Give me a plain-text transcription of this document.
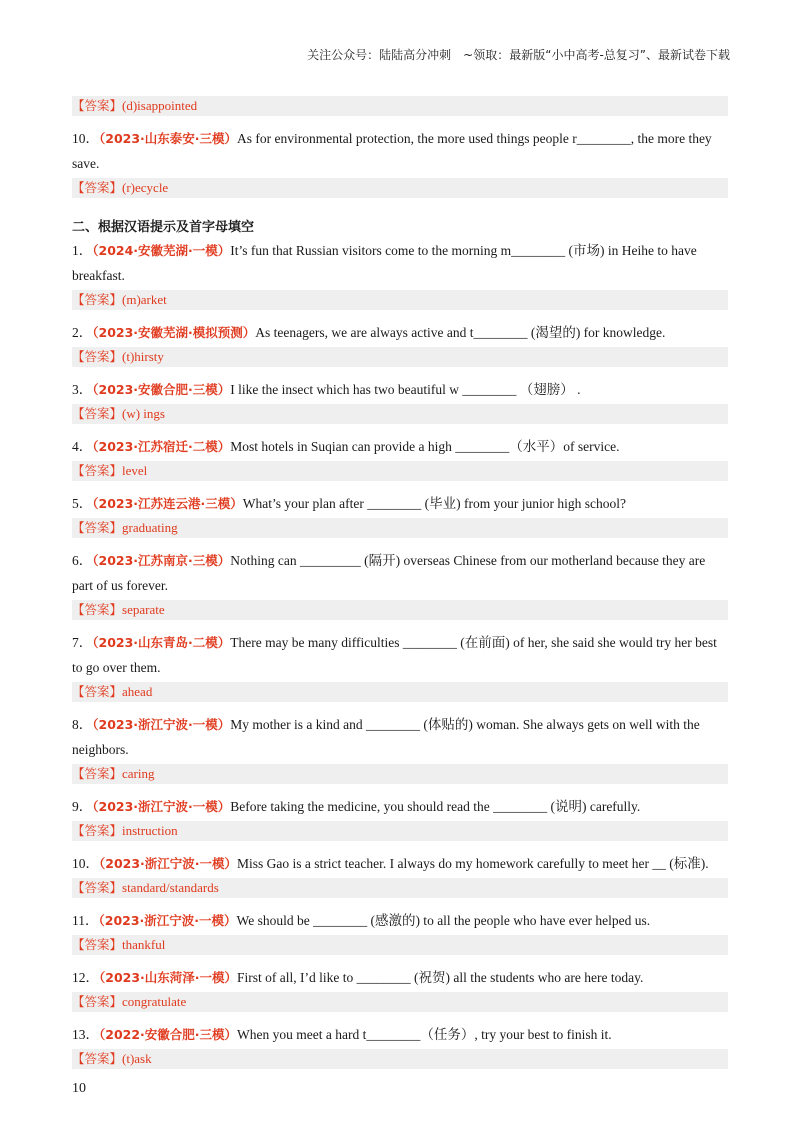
关注公众号：陆陆高分冲刺　~领取：最新版“小中高考-总复习”、最新试卷下载
【答案】(d)isappointed

10．（2023·山东泰安·三模）As for environmental protection, the more used things people r________, the more they save.

【答案】(r)ecycle
二、根据汉语提示及首字母填空

1．（2024·安徽芜湖·一模）It’s fun that Russian visitors come to the morning m________ (市场) in Heihe to have breakfast.

【答案】(m)arket

2．（2023·安徽芜湖·模拟预测）As teenagers, we are always active and t________ (渴望的) for knowledge.

【答案】(t)hirsty

3．（2023·安徽合肥·三模）I like the insect which has two beautiful w ________ （翅膀） .

【答案】(w) ings

4．（2023·江苏宿迁·二模）Most hotels in Suqian can provide a high ________（水平）of service.

【答案】level

5．（2023·江苏连云港·三模）What’s your plan after ________ (毕业) from your junior high school?

【答案】graduating

6．（2023·江苏南京·三模）Nothing can _________ (隔开) overseas Chinese from our motherland because they are part of us forever.

【答案】separate

7．（2023·山东青岛·二模）There may be many difficulties ________ (在前面) of her, she said she would try her best to go over them.

【答案】ahead

8．（2023·浙江宁波·一模）My mother is a kind and ________ (体贴的) woman. She always gets on well with the neighbors.

【答案】caring

9．（2023·浙江宁波·一模）Before taking the medicine, you should read the ________ (说明) carefully.

【答案】instruction

10．（2023·浙江宁波·一模）Miss Gao is a strict teacher. I always do my homework carefully to meet her __ (标准).

【答案】standard/standards

11．（2023·浙江宁波·一模）We should be ________ (感激的) to all the people who have ever helped us.

【答案】thankful

12．（2023·山东菏泽·一模）First of all, I’d like to ________ (祝贺) all the students who are here today.

【答案】congratulate

13．（2022·安徽合肥·三模）When you meet a hard t________（任务）, try your best to finish it.

【答案】(t)ask
10
